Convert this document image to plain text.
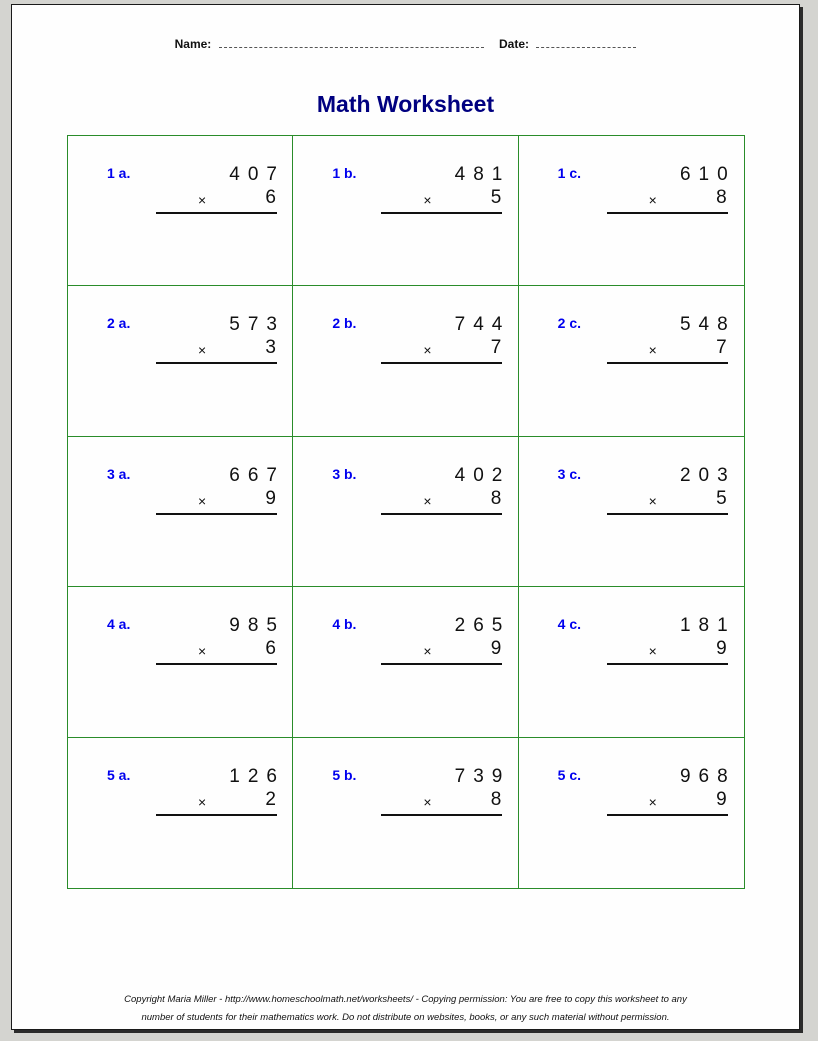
Name:	Date:
Math Worksheet
1 a.	407
×	6
1 b.	481
×	5
1 c.	610
×	8
2 a.	573
×	3
2 b.	744
×	7
2 c.	548
×	7
3 a.	667
×	9
3 b.	402
×	8
3 c.	203
×	5
4 a.	985
×	6
4 b.	265
×	9
4 c.	181
×	9
5 a.	126
×	2
5 b.	739
×	8
5 c.	968
×	9
Copyright Maria Miller - http://www.homeschoolmath.net/worksheets/ - Copying permission: You are free to copy this worksheet to any
number of students for their mathematics work. Do not distribute on websites, books, or any such material without permission.
